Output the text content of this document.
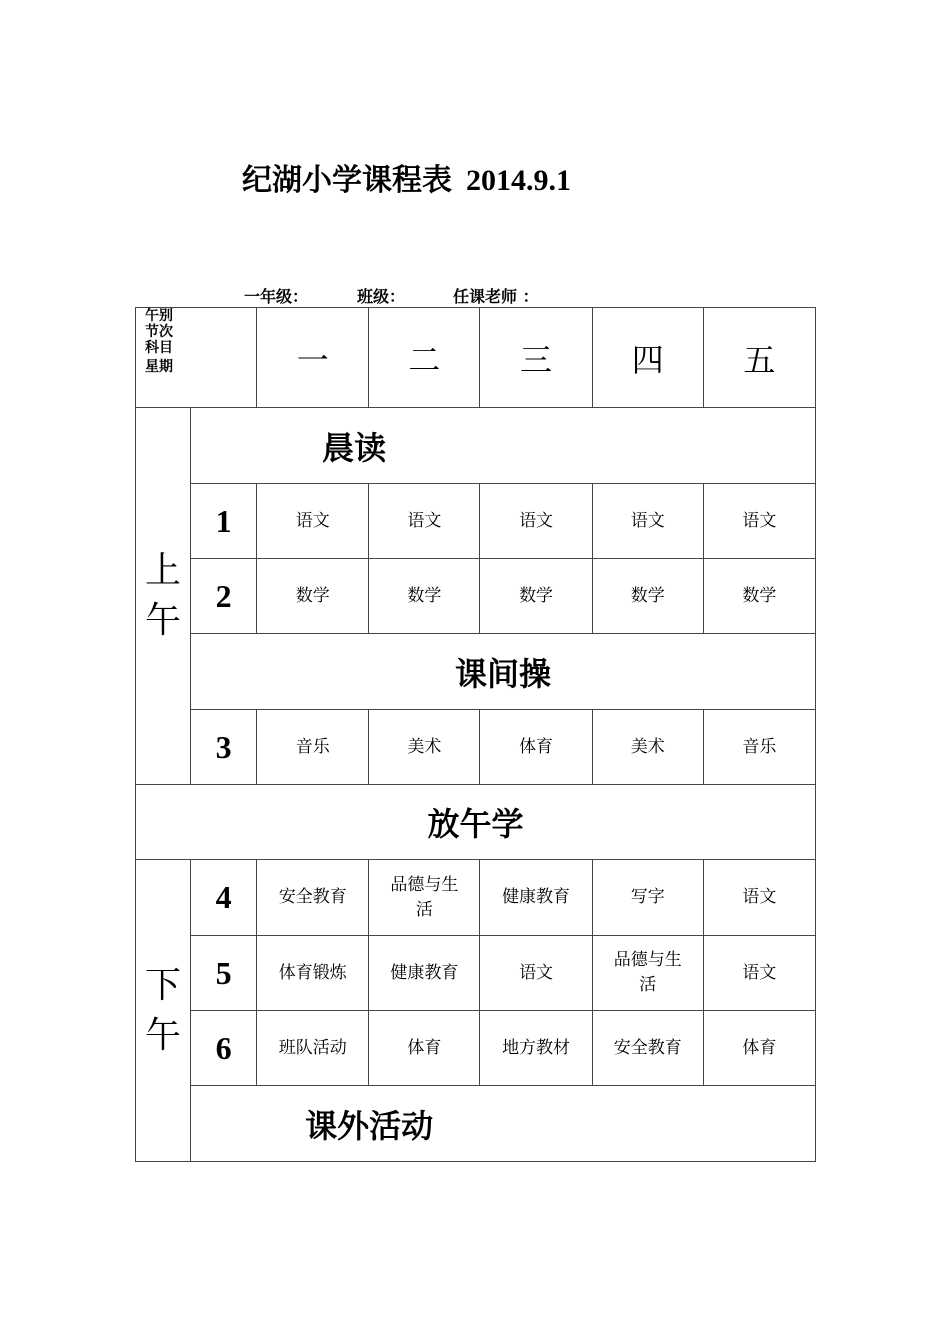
纪湖小学课程表 2014.9.1
一年级：	班级：	任课老师 ：
午别
节次
科目
星期		一	二	三	四	五
上午	晨读					
	1	语文	语文	语文	语文	语文
	2	数学	数学	数学	数学	数学
	课间操					
	3	音乐	美术	体育	美术	音乐
放午学						
下午	4	安全教育	品德与生活	健康教育	写字	语文
	5	体育锻炼	健康教育	语文	品德与生活	语文
	6	班队活动	体育	地方教材	安全教育	体育
	课外活动					
